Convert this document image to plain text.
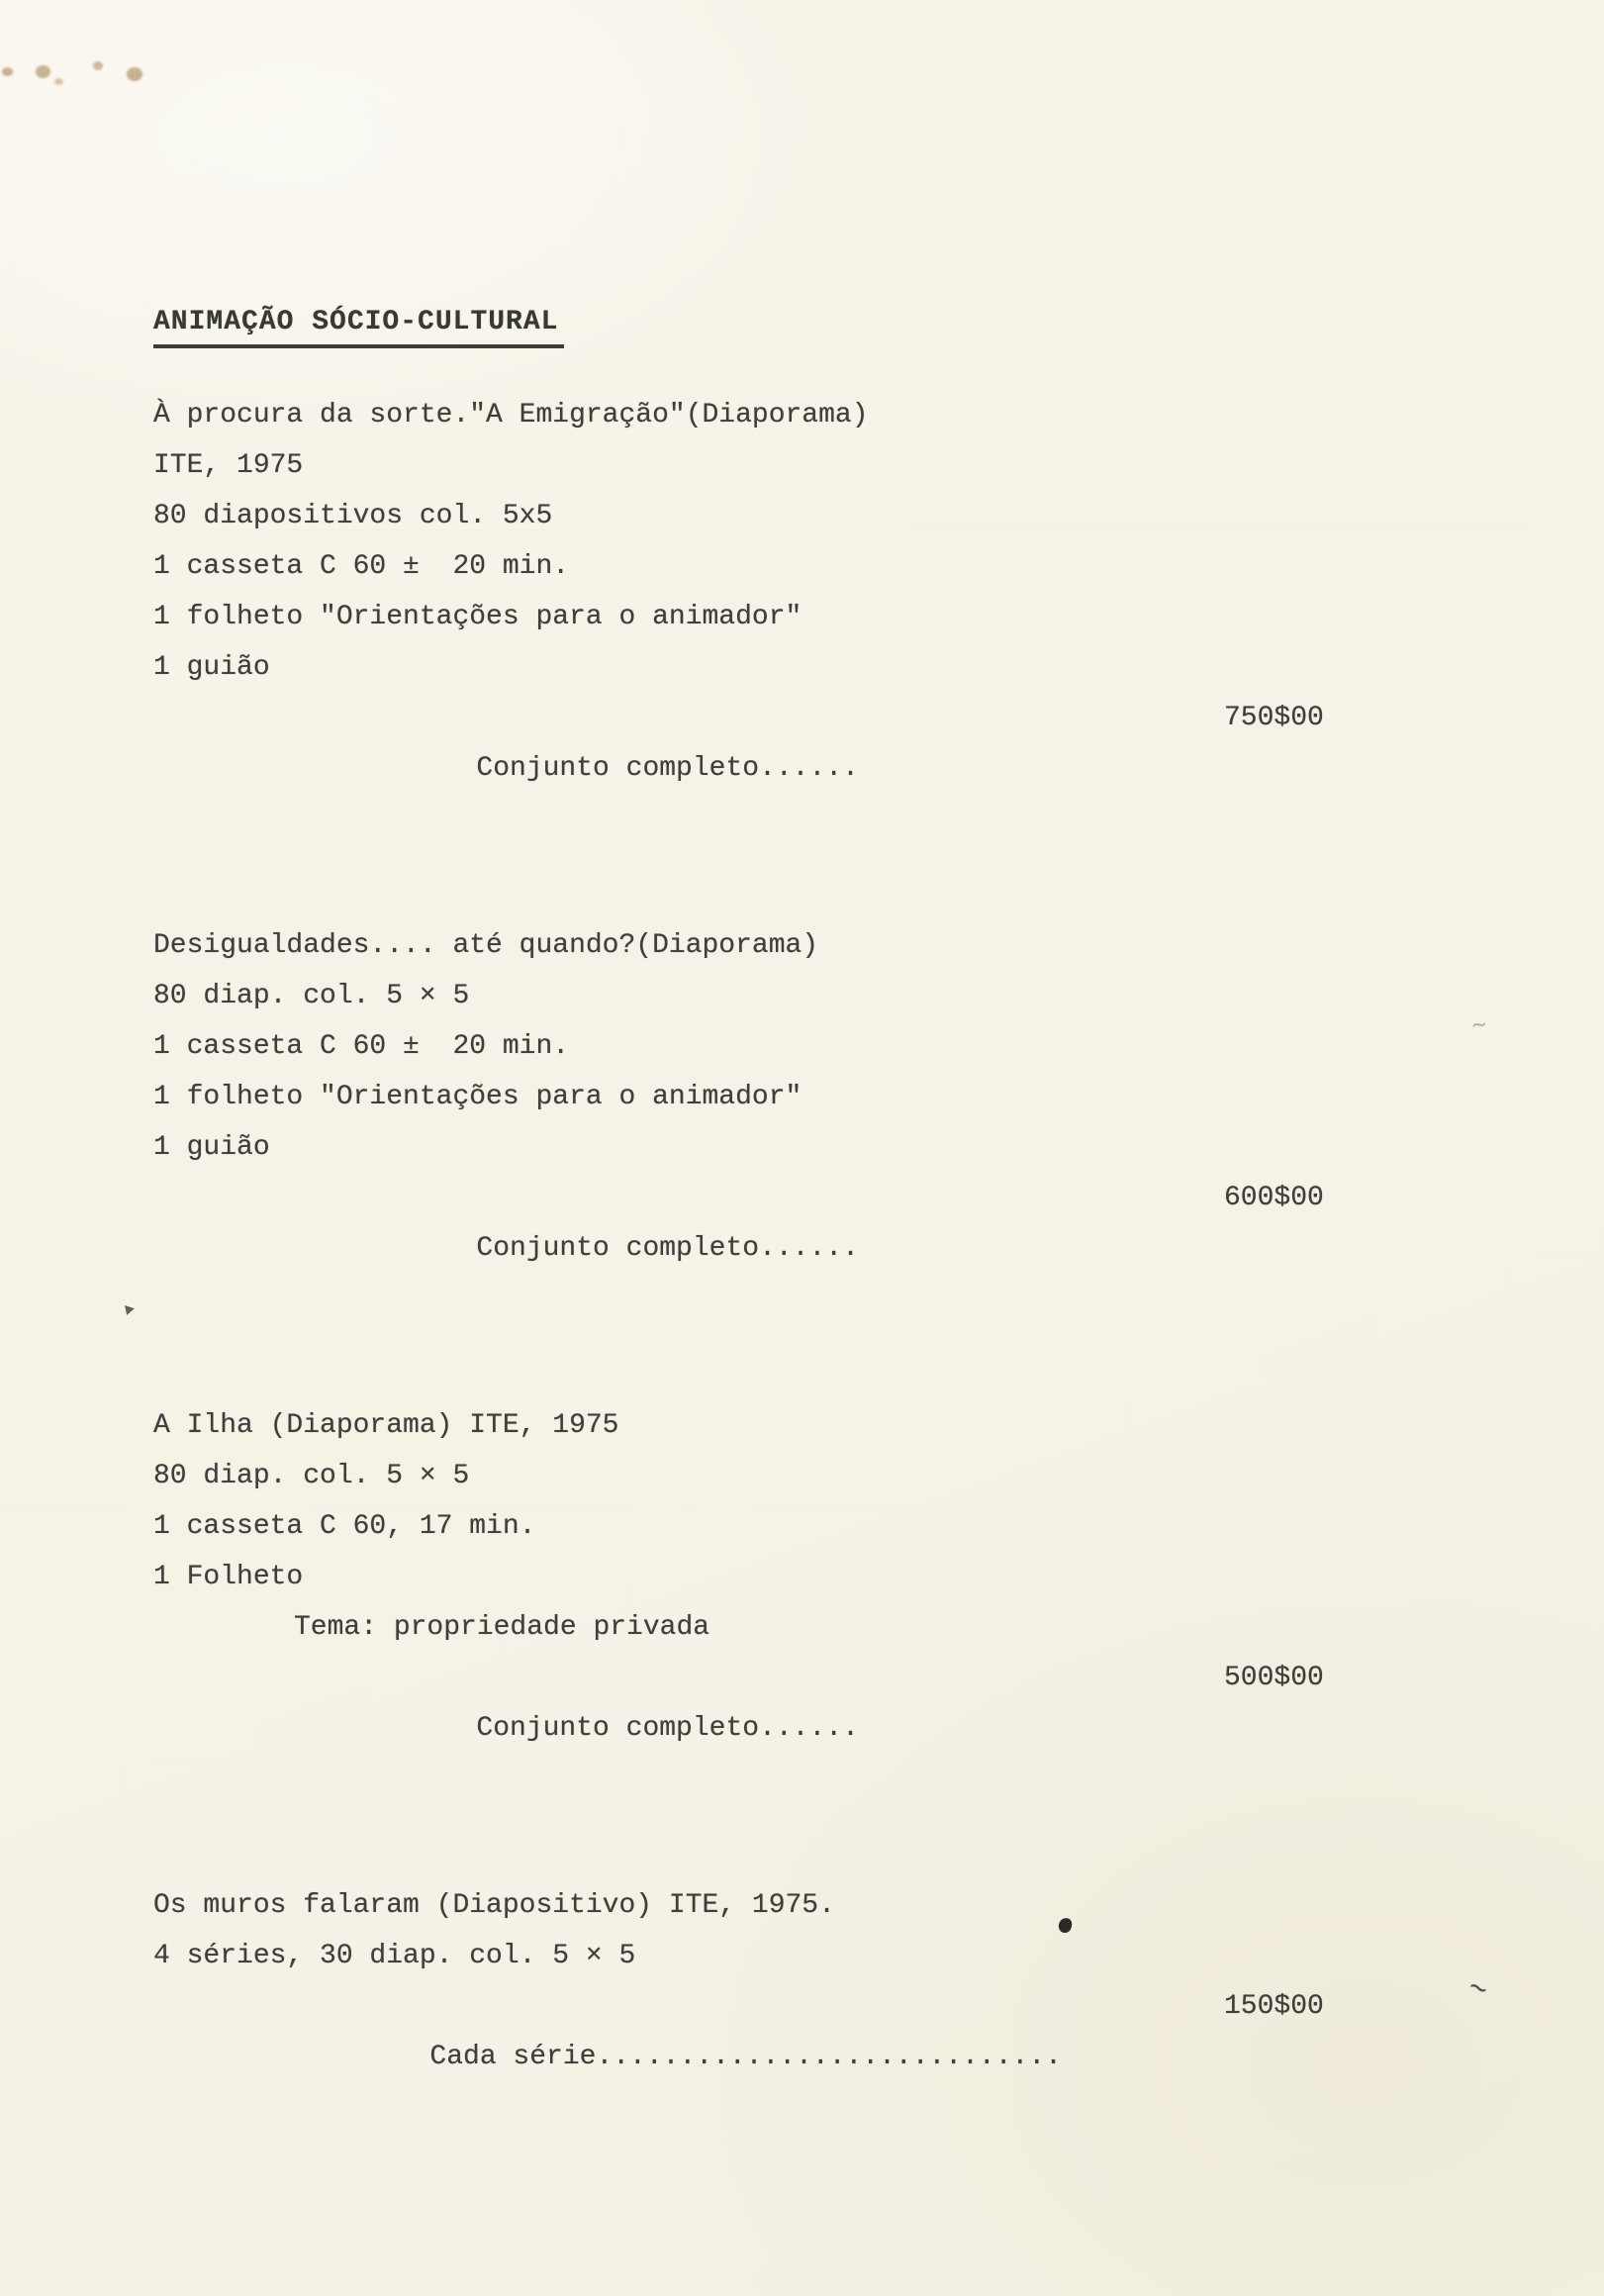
∼
∼
ANIMAÇÃO SÓCIO-CULTURAL
À procura da sorte."A Emigração"(Diaporama)
ITE, 1975
80 diapositivos col. 5x5
1 casseta C 60 ±  20 min.
1 folheto "Orientações para o animador"
1 guião

Conjunto completo......

750$00

Desigualdades.... até quando?(Diaporama)
80 diap. col. 5 × 5
1 casseta C 60 ±  20 min.
1 folheto "Orientações para o animador"
1 guião

Conjunto completo......

600$00

A Ilha (Diaporama) ITE, 1975
80 diap. col. 5 × 5
1 casseta C 60, 17 min.
1 Folheto
Tema: propriedade privada

Conjunto completo......

500$00

Os muros falaram (Diapositivo) ITE, 1975.
4 séries, 30 diap. col. 5 × 5

Cada série............................

150$00
